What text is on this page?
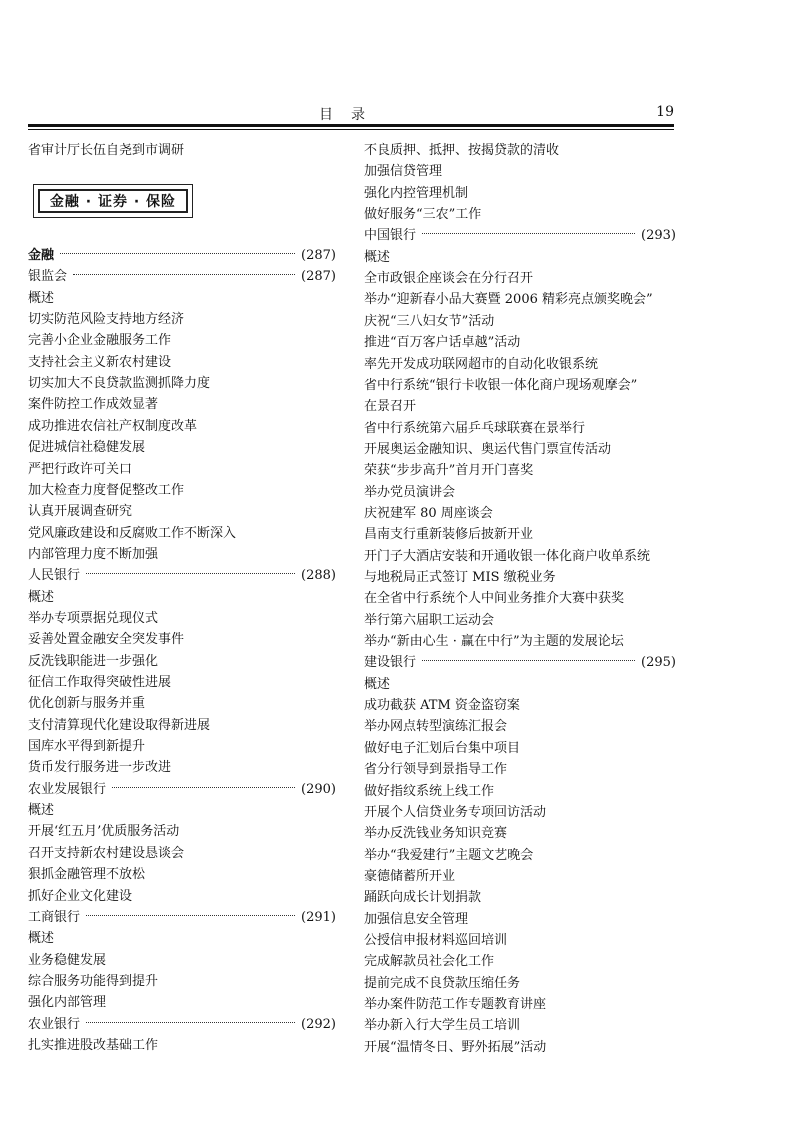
目录	19
省审计厅长伍自尧到市调研
金融 · 证券 · 保险
金融	(287)
银监会	(287)
概述
切实防范风险支持地方经济
完善小企业金融服务工作
支持社会主义新农村建设
切实加大不良贷款监测抓降力度
案件防控工作成效显著
成功推进农信社产权制度改革
促进城信社稳健发展
严把行政许可关口
加大检查力度督促整改工作
认真开展调查研究
党风廉政建设和反腐败工作不断深入
内部管理力度不断加强
人民银行	(288)
概述
举办专项票据兑现仪式
妥善处置金融安全突发事件
反洗钱职能进一步强化
征信工作取得突破性进展
优化创新与服务并重
支付清算现代化建设取得新进展
国库水平得到新提升
货币发行服务进一步改进
农业发展银行	(290)
概述
开展‘红五月’优质服务活动
召开支持新农村建设恳谈会
狠抓金融管理不放松
抓好企业文化建设
工商银行	(291)
概述
业务稳健发展
综合服务功能得到提升
强化内部管理
农业银行	(292)
扎实推进股改基础工作
不良质押、抵押、按揭贷款的清收
加强信贷管理
强化内控管理机制
做好服务“三农”工作
中国银行	(293)
概述
全市政银企座谈会在分行召开
举办“迎新春小品大赛暨 2006 精彩亮点颁奖晚会”
庆祝“三八妇女节”活动
推进“百万客户话卓越”活动
率先开发成功联网超市的自动化收银系统
省中行系统“银行卡收银一体化商户现场观摩会”
在景召开
省中行系统第六届乒乓球联赛在景举行
开展奥运金融知识、奥运代售门票宣传活动
荣获“步步高升”首月开门喜奖
举办党员演讲会
庆祝建军 80 周座谈会
昌南支行重新装修后披新开业
开门子大酒店安装和开通收银一体化商户收单系统
与地税局正式签订 MIS 缴税业务
在全省中行系统个人中间业务推介大赛中获奖
举行第六届职工运动会
举办“新由心生 · 赢在中行”为主题的发展论坛
建设银行	(295)
概述
成功截获 ATM 资金盗窃案
举办网点转型演练汇报会
做好电子汇划后台集中项目
省分行领导到景指导工作
做好指纹系统上线工作
开展个人信贷业务专项回访活动
举办反洗钱业务知识竞赛
举办“我爱建行”主题文艺晚会
豪德储蓄所开业
踊跃向成长计划捐款
加强信息安全管理
公授信申报材料巡回培训
完成解款员社会化工作
提前完成不良贷款压缩任务
举办案件防范工作专题教育讲座
举办新入行大学生员工培训
开展“温情冬日、野外拓展”活动
